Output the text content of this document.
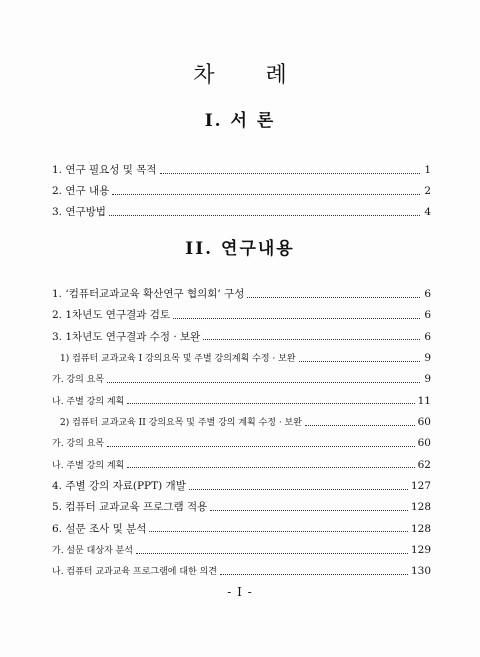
차 례
I. 서 론
1. 연구 필요성 및 목적	1
2. 연구 내용	2
3. 연구방법	4
II. 연구내용
1. ‘컴퓨터교과교육 확산연구 협의회’ 구성	6
2. 1차년도 연구결과 검토	6
3. 1차년도 연구결과 수정 · 보완	6
1) 컴퓨터 교과교육 I 강의요목 및 주별 강의계획 수정 · 보완	9
가. 강의 요목	9
나. 주별 강의 계획	11
2) 컴퓨터 교과교육 II 강의요목 및 주별 강의 계획 수정 · 보완	60
가. 강의 요목	60
나. 주별 강의 계획	62
4. 주별 강의 자료(PPT) 개발	127
5. 컴퓨터 교과교육 프로그램 적용	128
6. 설문 조사 및 분석	128
가. 설문 대상자 분석	129
나. 컴퓨터 교과교육 프로그램에 대한 의견	130
- I -
